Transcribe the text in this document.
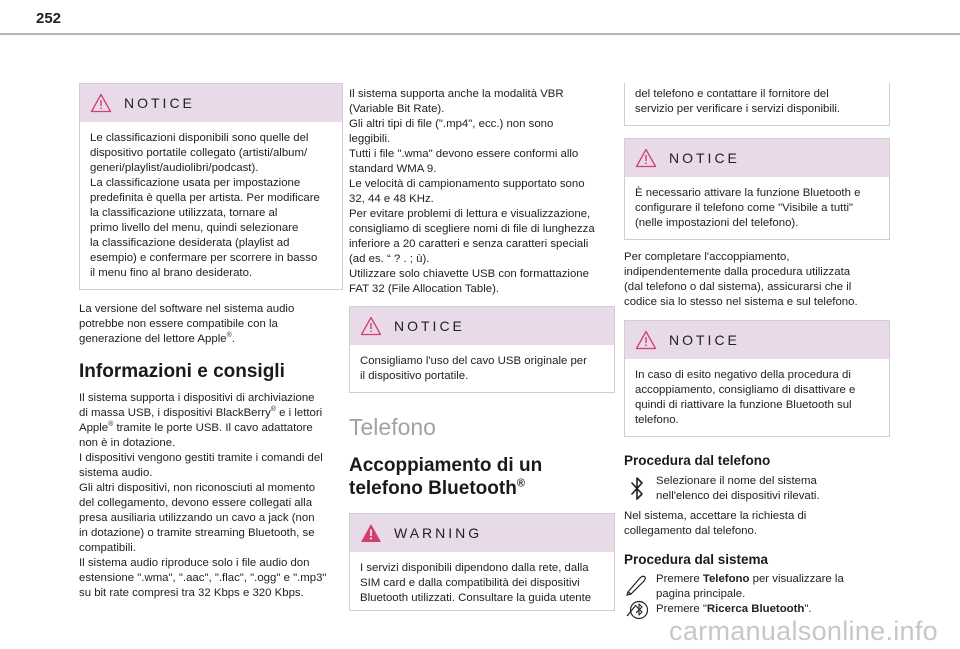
252
NOTICE
Le classificazioni disponibili sono quelle del
dispositivo portatile collegato (artisti/album/
generi/playlist/audiolibri/podcast).
La classificazione usata per impostazione
predefinita è quella per artista. Per modificare
la classificazione utilizzata, tornare al
primo livello del menu, quindi selezionare
la classificazione desiderata (playlist ad
esempio) e confermare per scorrere in basso
il menu fino al brano desiderato.

La versione del software nel sistema audio
potrebbe non essere compatibile con la
generazione del lettore Apple®.

Informazioni e consigli

Il sistema supporta i dispositivi di archiviazione
di massa USB, i dispositivi BlackBerry® e i lettori
Apple® tramite le porte USB. Il cavo adattatore
non è in dotazione.
I dispositivi vengono gestiti tramite i comandi del
sistema audio.
Gli altri dispositivi, non riconosciuti al momento
del collegamento, devono essere collegati alla
presa ausiliaria utilizzando un cavo a jack (non
in dotazione) o tramite streaming Bluetooth, se
compatibili.
Il sistema audio riproduce solo i file audio don
estensione ".wma", ".aac", ".flac", ".ogg" e ".mp3"
su bit rate compresi tra 32 Kbps e 320 Kbps.

Il sistema supporta anche la modalità VBR
(Variable Bit Rate).
Gli altri tipi di file (".mp4", ecc.) non sono
leggibili.
Tutti i file ".wma" devono essere conformi allo
standard WMA 9.
Le velocità di campionamento supportato sono
32, 44 e 48 KHz.
Per evitare problemi di lettura e visualizzazione,
consigliamo di scegliere nomi di file di lunghezza
inferiore a 20 caratteri e senza caratteri speciali
(ad es. “ ? . ; ù).
Utilizzare solo chiavette USB con formattazione
FAT 32 (File Allocation Table).

NOTICE
Consigliamo l'uso del cavo USB originale per
il dispositivo portatile.
Telefono
Accoppiamento di un
telefono Bluetooth®
WARNING
I servizi disponibili dipendono dalla rete, dalla
SIM card e dalla compatibilità dei dispositivi
Bluetooth utilizzati. Consultare la guida utente
del telefono e contattare il fornitore del
servizio per verificare i servizi disponibili.
NOTICE
È necessario attivare la funzione Bluetooth e
configurare il telefono come "Visibile a tutti"
(nelle impostazioni del telefono).

Per completare l'accoppiamento,
indipendentemente dalla procedura utilizzata
(dal telefono o dal sistema), assicurarsi che il
codice sia lo stesso nel sistema e sul telefono.

NOTICE
In caso di esito negativo della procedura di
accoppiamento, consigliamo di disattivare e
quindi di riattivare la funzione Bluetooth sul
telefono.
Procedura dal telefono

Selezionare il nome del sistema
nell'elenco dei dispositivi rilevati.

Nel sistema, accettare la richiesta di
collegamento dal telefono.

Procedura dal sistema

Premere Telefono per visualizzare la
pagina principale.
Premere "Ricerca Bluetooth".

carmanualsonline.info
